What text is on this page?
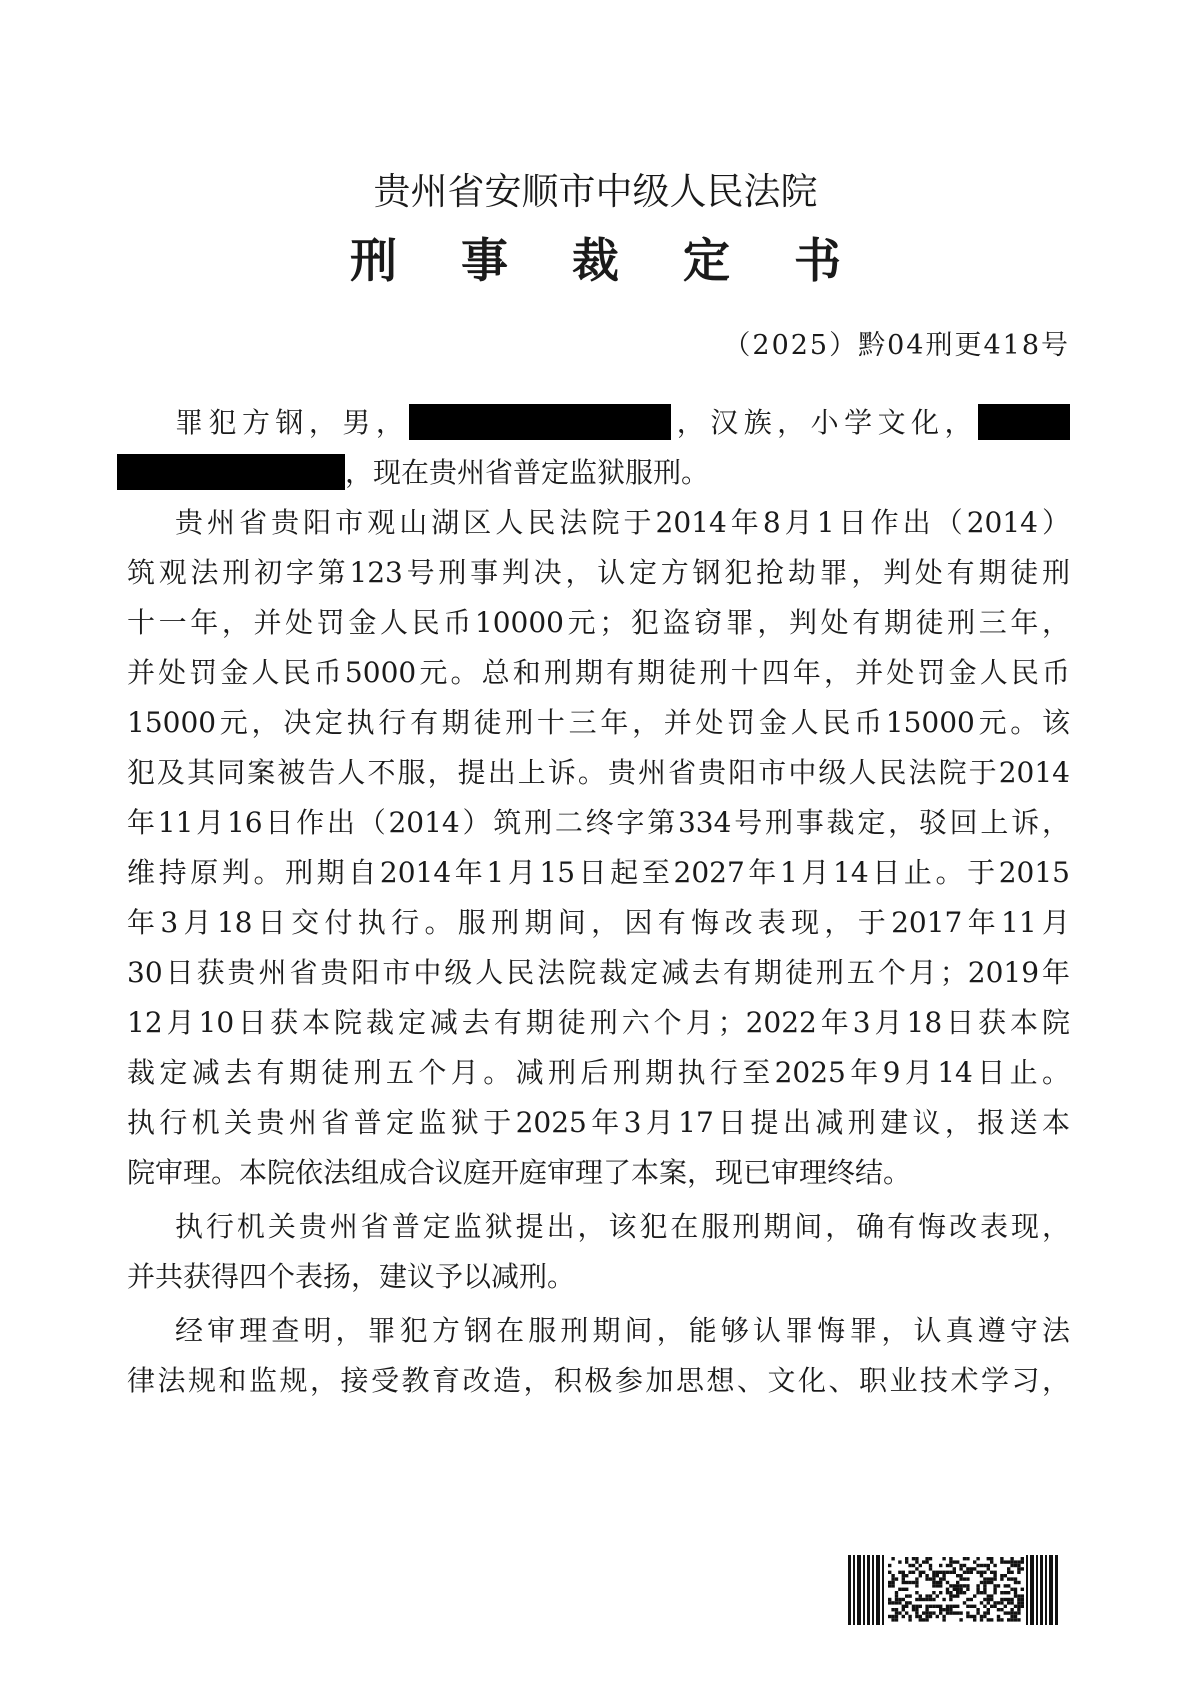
贵州省安顺市中级人民法院
刑事裁定书
（2025）黔04刑更418号
罪犯方钢，男，	，汉族，小学文化，
，现在贵州省普定监狱服刑。
贵州省贵阳市观山湖区人民法院于2014年8月1日作出（2014）
筑观法刑初字第123号刑事判决，认定方钢犯抢劫罪，判处有期徒刑
十一年，并处罚金人民币10000元；犯盗窃罪，判处有期徒刑三年，
并处罚金人民币5000元。总和刑期有期徒刑十四年，并处罚金人民币
15000元，决定执行有期徒刑十三年，并处罚金人民币15000元。该
犯及其同案被告人不服，提出上诉。贵州省贵阳市中级人民法院于2014
年11月16日作出（2014）筑刑二终字第334号刑事裁定，驳回上诉，
维持原判。刑期自2014年1月15日起至2027年1月14日止。于2015
年3月18日交付执行。服刑期间，因有悔改表现，于2017年11月
30日获贵州省贵阳市中级人民法院裁定减去有期徒刑五个月；2019年
12月10日获本院裁定减去有期徒刑六个月；2022年3月18日获本院
裁定减去有期徒刑五个月。减刑后刑期执行至2025年9月14日止。
执行机关贵州省普定监狱于2025年3月17日提出减刑建议，报送本
院审理。本院依法组成合议庭开庭审理了本案，现已审理终结。
执行机关贵州省普定监狱提出，该犯在服刑期间，确有悔改表现，
并共获得四个表扬，建议予以减刑。
经审理查明，罪犯方钢在服刑期间，能够认罪悔罪，认真遵守法
律法规和监规，接受教育改造，积极参加思想、文化、职业技术学习，
